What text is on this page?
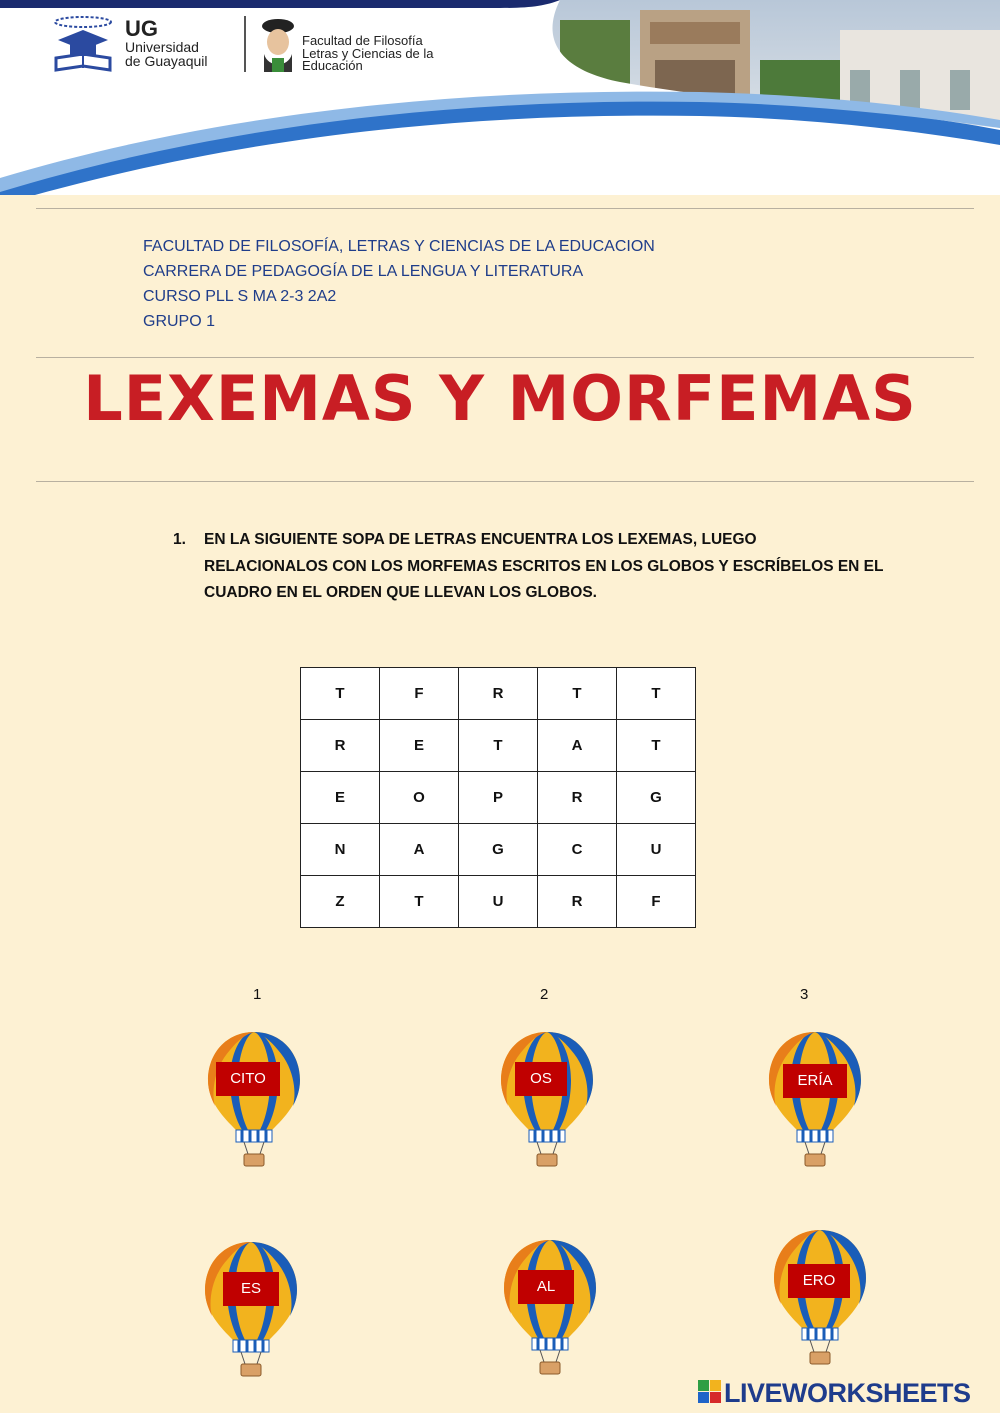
UG
Universidad
de Guayaquil
Facultad de Filosofía
Letras y Ciencias de la
Educación
FACULTAD DE FILOSOFÍA, LETRAS Y CIENCIAS DE LA EDUCACION
CARRERA DE PEDAGOGÍA DE LA LENGUA Y LITERATURA
CURSO PLL S MA 2-3 2A2
GRUPO 1
LEXEMAS Y MORFEMAS
1. EN LA SIGUIENTE SOPA DE LETRAS ENCUENTRA LOS LEXEMAS, LUEGO RELACIONALOS CON LOS MORFEMAS ESCRITOS EN LOS GLOBOS Y ESCRÍBELOS EN EL CUADRO EN EL ORDEN QUE LLEVAN LOS GLOBOS.
T	F	R	T	T
R	E	T	A	T
E	O	P	R	G
N	A	G	C	U
Z	T	U	R	F
1	2	3
CITO	OS	ERÍA
ES	AL	ERO
LIVEWORKSHEETS
